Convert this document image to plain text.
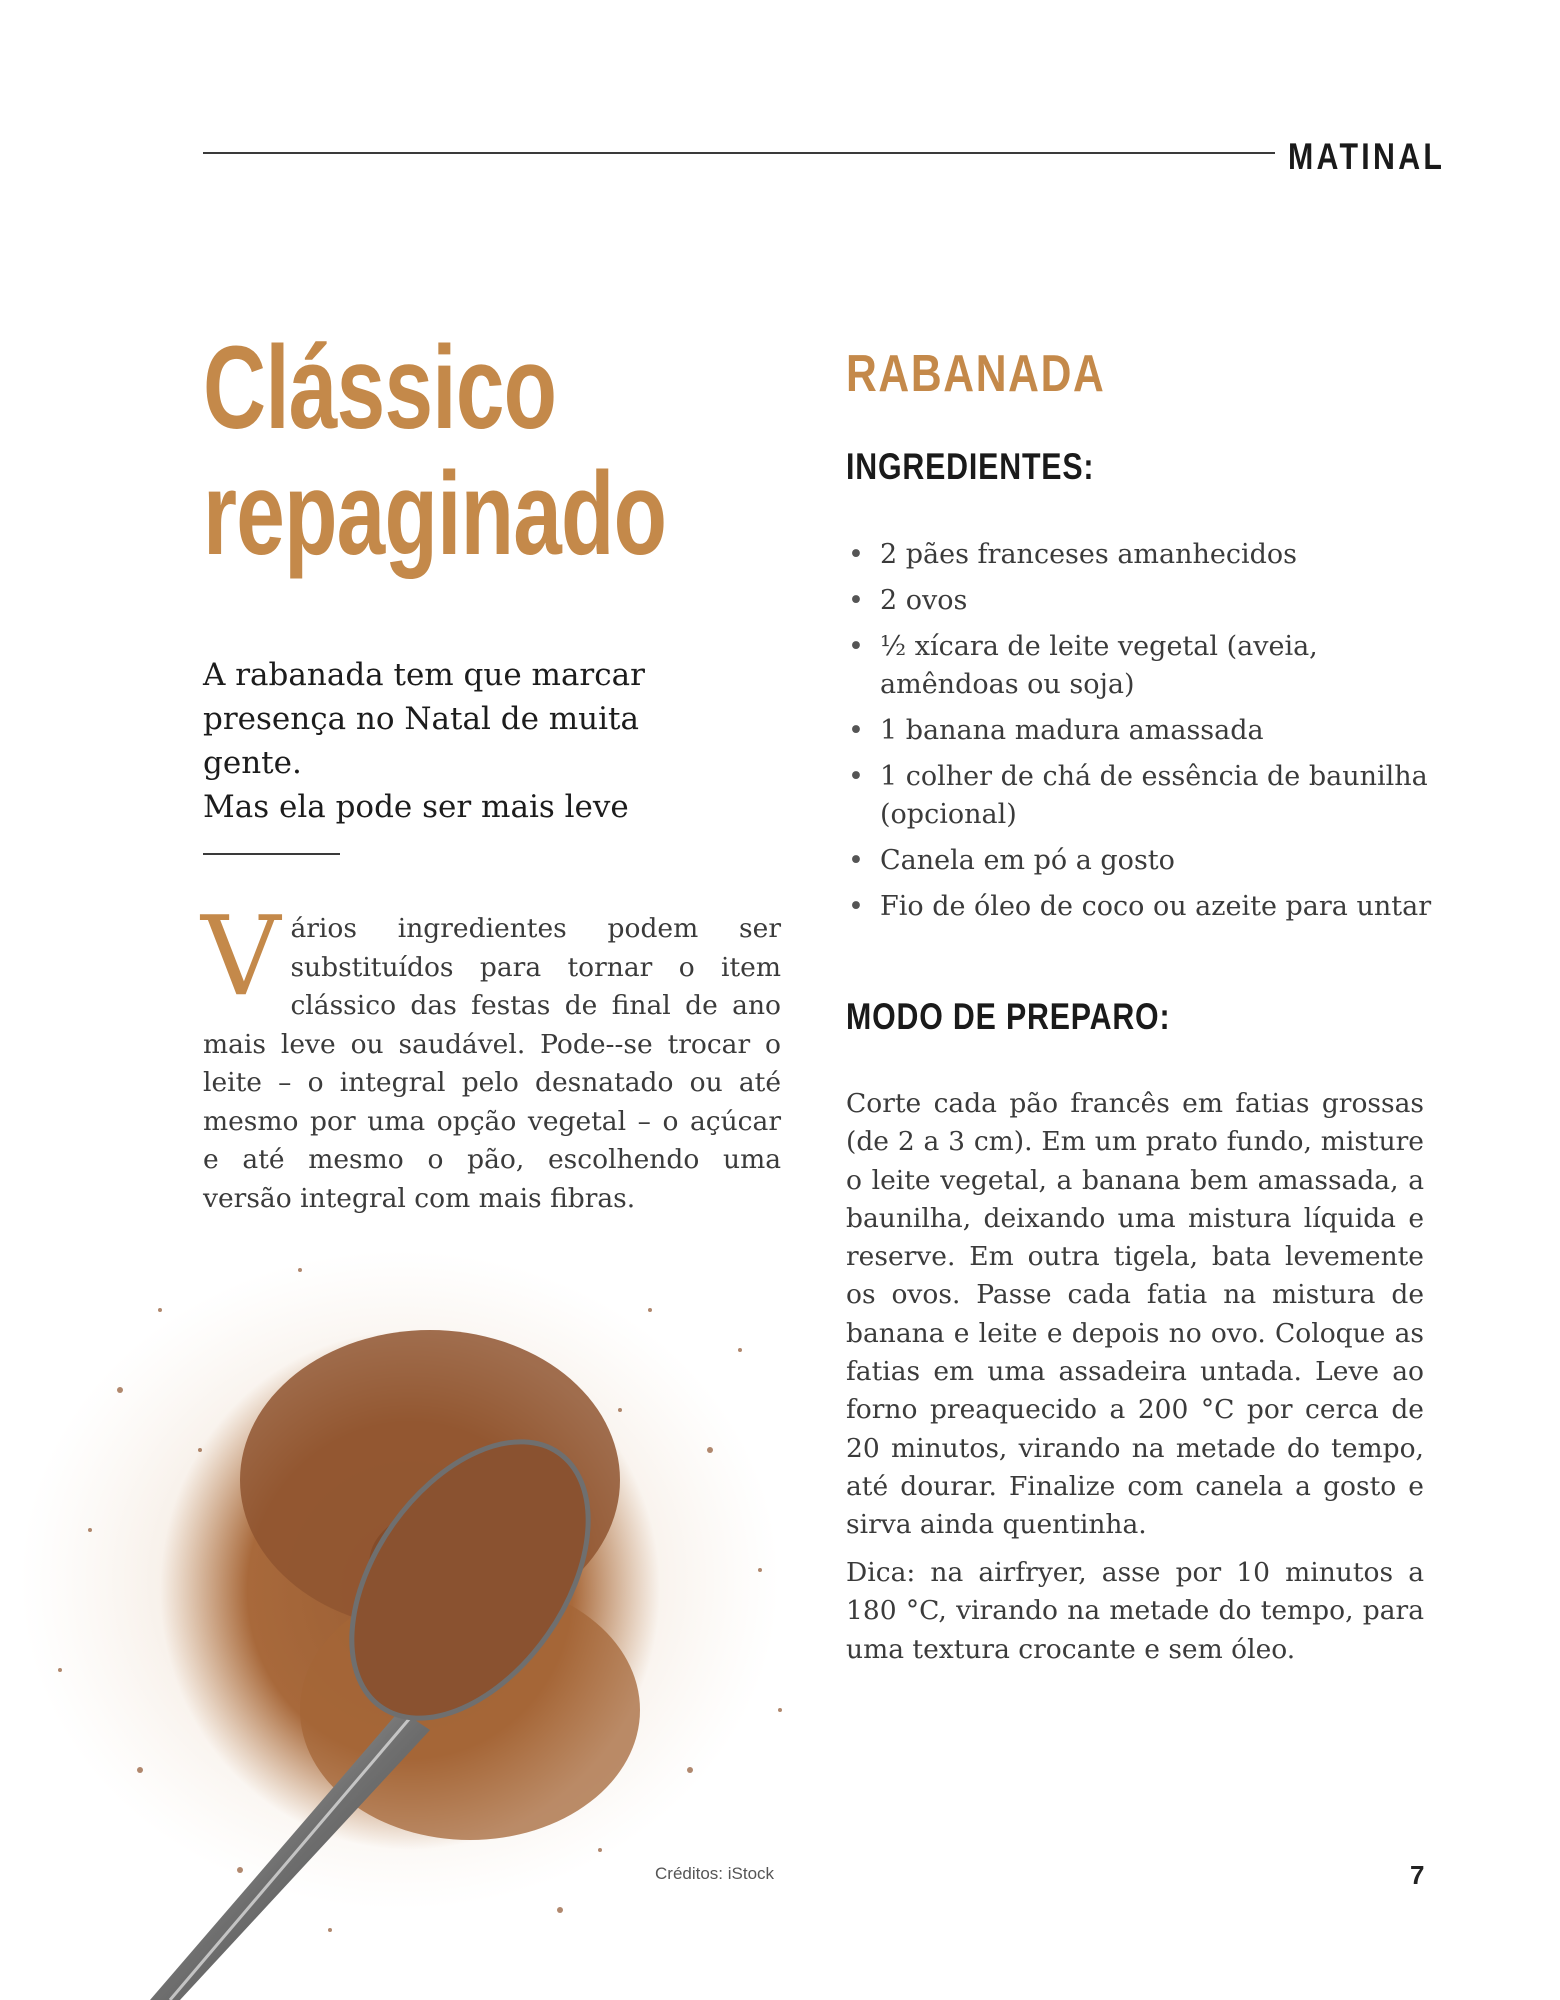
MATINAL
Clássico
repaginado

A rabanada tem que marcar
presença no Natal de muita gente.
Mas ela pode ser mais leve

Vários ingredientes podem ser substituídos para tornar o item clássico das festas de final de ano mais leve ou saudável. Pode--se trocar o leite – o integral pelo desnatado ou até mesmo por uma opção vegetal – o açúcar e até mesmo o pão, escolhendo uma versão integral com mais fibras.

RABANADA
INGREDIENTES:
• 2 pães franceses amanhecidos
• 2 ovos
• ½ xícara de leite vegetal (aveia, amêndoas ou soja)
• 1 banana madura amassada
• 1 colher de chá de essência de baunilha (opcional)
• Canela em pó a gosto
• Fio de óleo de coco ou azeite para untar
MODO DE PREPARO:

Corte cada pão francês em fatias grossas (de 2 a 3 cm). Em um prato fundo, misture o leite vegetal, a banana bem amassada, a baunilha, deixando uma mistura líquida e reserve. Em outra tigela, bata levemente os ovos. Passe cada fatia na mistura de banana e leite e depois no ovo. Coloque as fatias em uma assadeira untada. Leve ao forno preaquecido a 200 °C por cerca de 20 minutos, virando na metade do tempo, até dourar. Finalize com canela a gosto e sirva ainda quentinha.

Dica: na airfryer, asse por 10 minutos a 180 °C, virando na metade do tempo, para uma textura crocante e sem óleo.

Créditos: iStock	7
